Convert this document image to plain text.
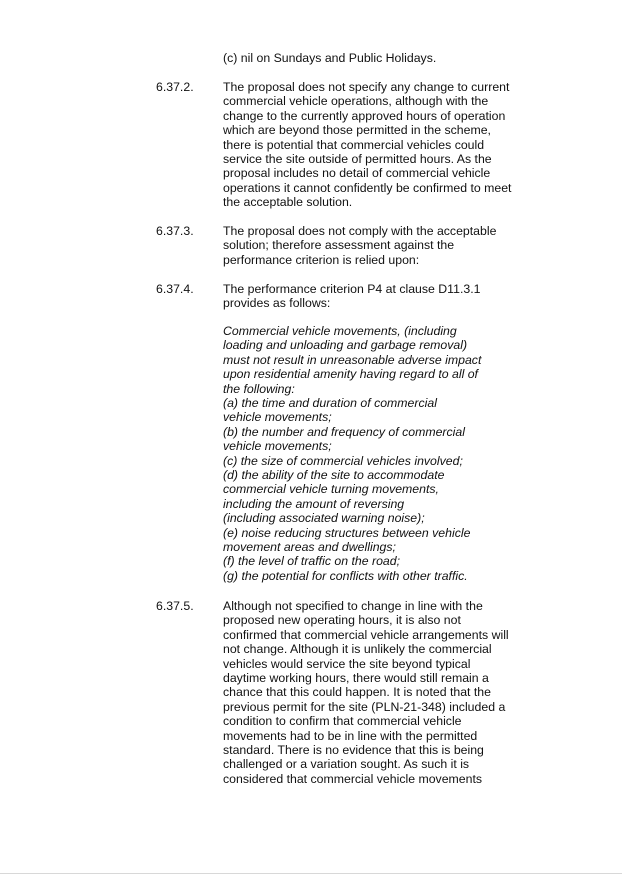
(c) nil on Sundays and Public Holidays.

6.37.2. The proposal does not specify any change to current

commercial vehicle operations, although with the

change to the currently approved hours of operation

which are beyond those permitted in the scheme,

there is potential that commercial vehicles could

service the site outside of permitted hours. As the

proposal includes no detail of commercial vehicle

operations it cannot confidently be confirmed to meet

the acceptable solution.

6.37.3. The proposal does not comply with the acceptable

solution; therefore assessment against the

performance criterion is relied upon:

6.37.4. The performance criterion P4 at clause D11.3.1

provides as follows:

Commercial vehicle movements, (including

loading and unloading and garbage removal)

must not result in unreasonable adverse impact

upon residential amenity having regard to all of

the following:

(a) the time and duration of commercial

vehicle movements;

(b) the number and frequency of commercial

vehicle movements;

(c) the size of commercial vehicles involved;

(d) the ability of the site to accommodate

commercial vehicle turning movements,

including the amount of reversing

(including associated warning noise);

(e) noise reducing structures between vehicle

movement areas and dwellings;

(f) the level of traffic on the road;

(g) the potential for conflicts with other traffic.

6.37.5. Although not specified to change in line with the

proposed new operating hours, it is also not

confirmed that commercial vehicle arrangements will

not change. Although it is unlikely the commercial

vehicles would service the site beyond typical

daytime working hours, there would still remain a

chance that this could happen. It is noted that the

previous permit for the site (PLN-21-348) included a

condition to confirm that commercial vehicle

movements had to be in line with the permitted

standard. There is no evidence that this is being

challenged or a variation sought. As such it is

considered that commercial vehicle movements
